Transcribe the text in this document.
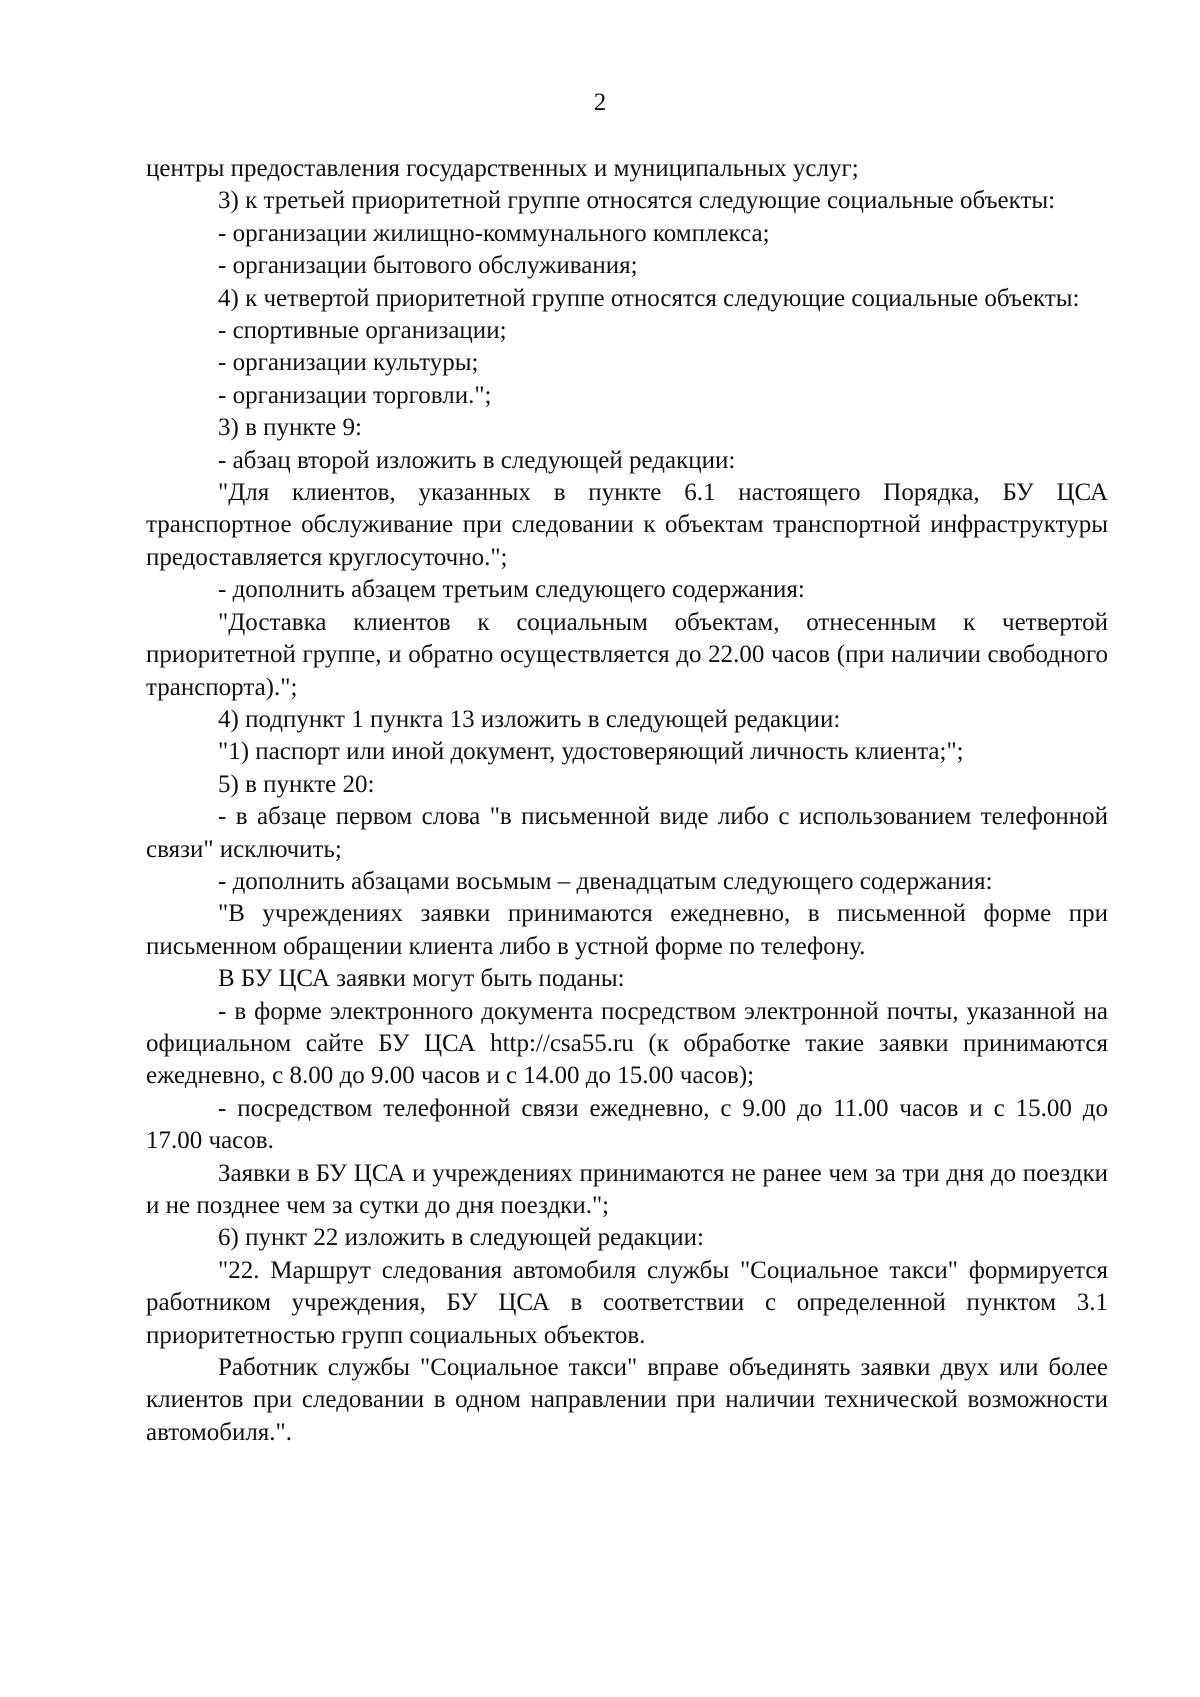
2

центры предоставления государственных и муниципальных услуг;

3) к третьей приоритетной группе относятся следующие социальные объекты:

- организации жилищно-коммунального комплекса;

- организации бытового обслуживания;

4) к четвертой приоритетной группе относятся следующие социальные объекты:

- спортивные организации;

- организации культуры;

- организации торговли.";

3) в пункте 9:

- абзац второй изложить в следующей редакции:

"Для клиентов, указанных в пункте 6.1 настоящего Порядка, БУ ЦСА транспортное обслуживание при следовании к объектам транспортной инфраструктуры предоставляется круглосуточно.";

- дополнить абзацем третьим следующего содержания:

"Доставка клиентов к социальным объектам, отнесенным к четвертой приоритетной группе, и обратно осуществляется до 22.00 часов (при наличии свободного транспорта).";

4) подпункт 1 пункта 13 изложить в следующей редакции:

"1) паспорт или иной документ, удостоверяющий личность клиента;";

5) в пункте 20:

- в абзаце первом слова "в письменной виде либо с использованием телефонной связи" исключить;

- дополнить абзацами восьмым – двенадцатым следующего содержания:

"В учреждениях заявки принимаются ежедневно, в письменной форме при письменном обращении клиента либо в устной форме по телефону.

В БУ ЦСА заявки могут быть поданы:

- в форме электронного документа посредством электронной почты, указанной на официальном сайте БУ ЦСА http://csa55.ru (к обработке такие заявки принимаются ежедневно, с 8.00 до 9.00 часов и с 14.00 до 15.00 часов);

- посредством телефонной связи ежедневно, с 9.00 до 11.00 часов и с 15.00 до 17.00 часов.

Заявки в БУ ЦСА и учреждениях принимаются не ранее чем за три дня до поездки и не позднее чем за сутки до дня поездки.";

6) пункт 22 изложить в следующей редакции:

"22. Маршрут следования автомобиля службы "Социальное такси" формируется работником учреждения, БУ ЦСА в соответствии с определенной пунктом 3.1 приоритетностью групп социальных объектов.

Работник службы "Социальное такси" вправе объединять заявки двух или более клиентов при следовании в одном направлении при наличии технической возможности автомобиля.".
